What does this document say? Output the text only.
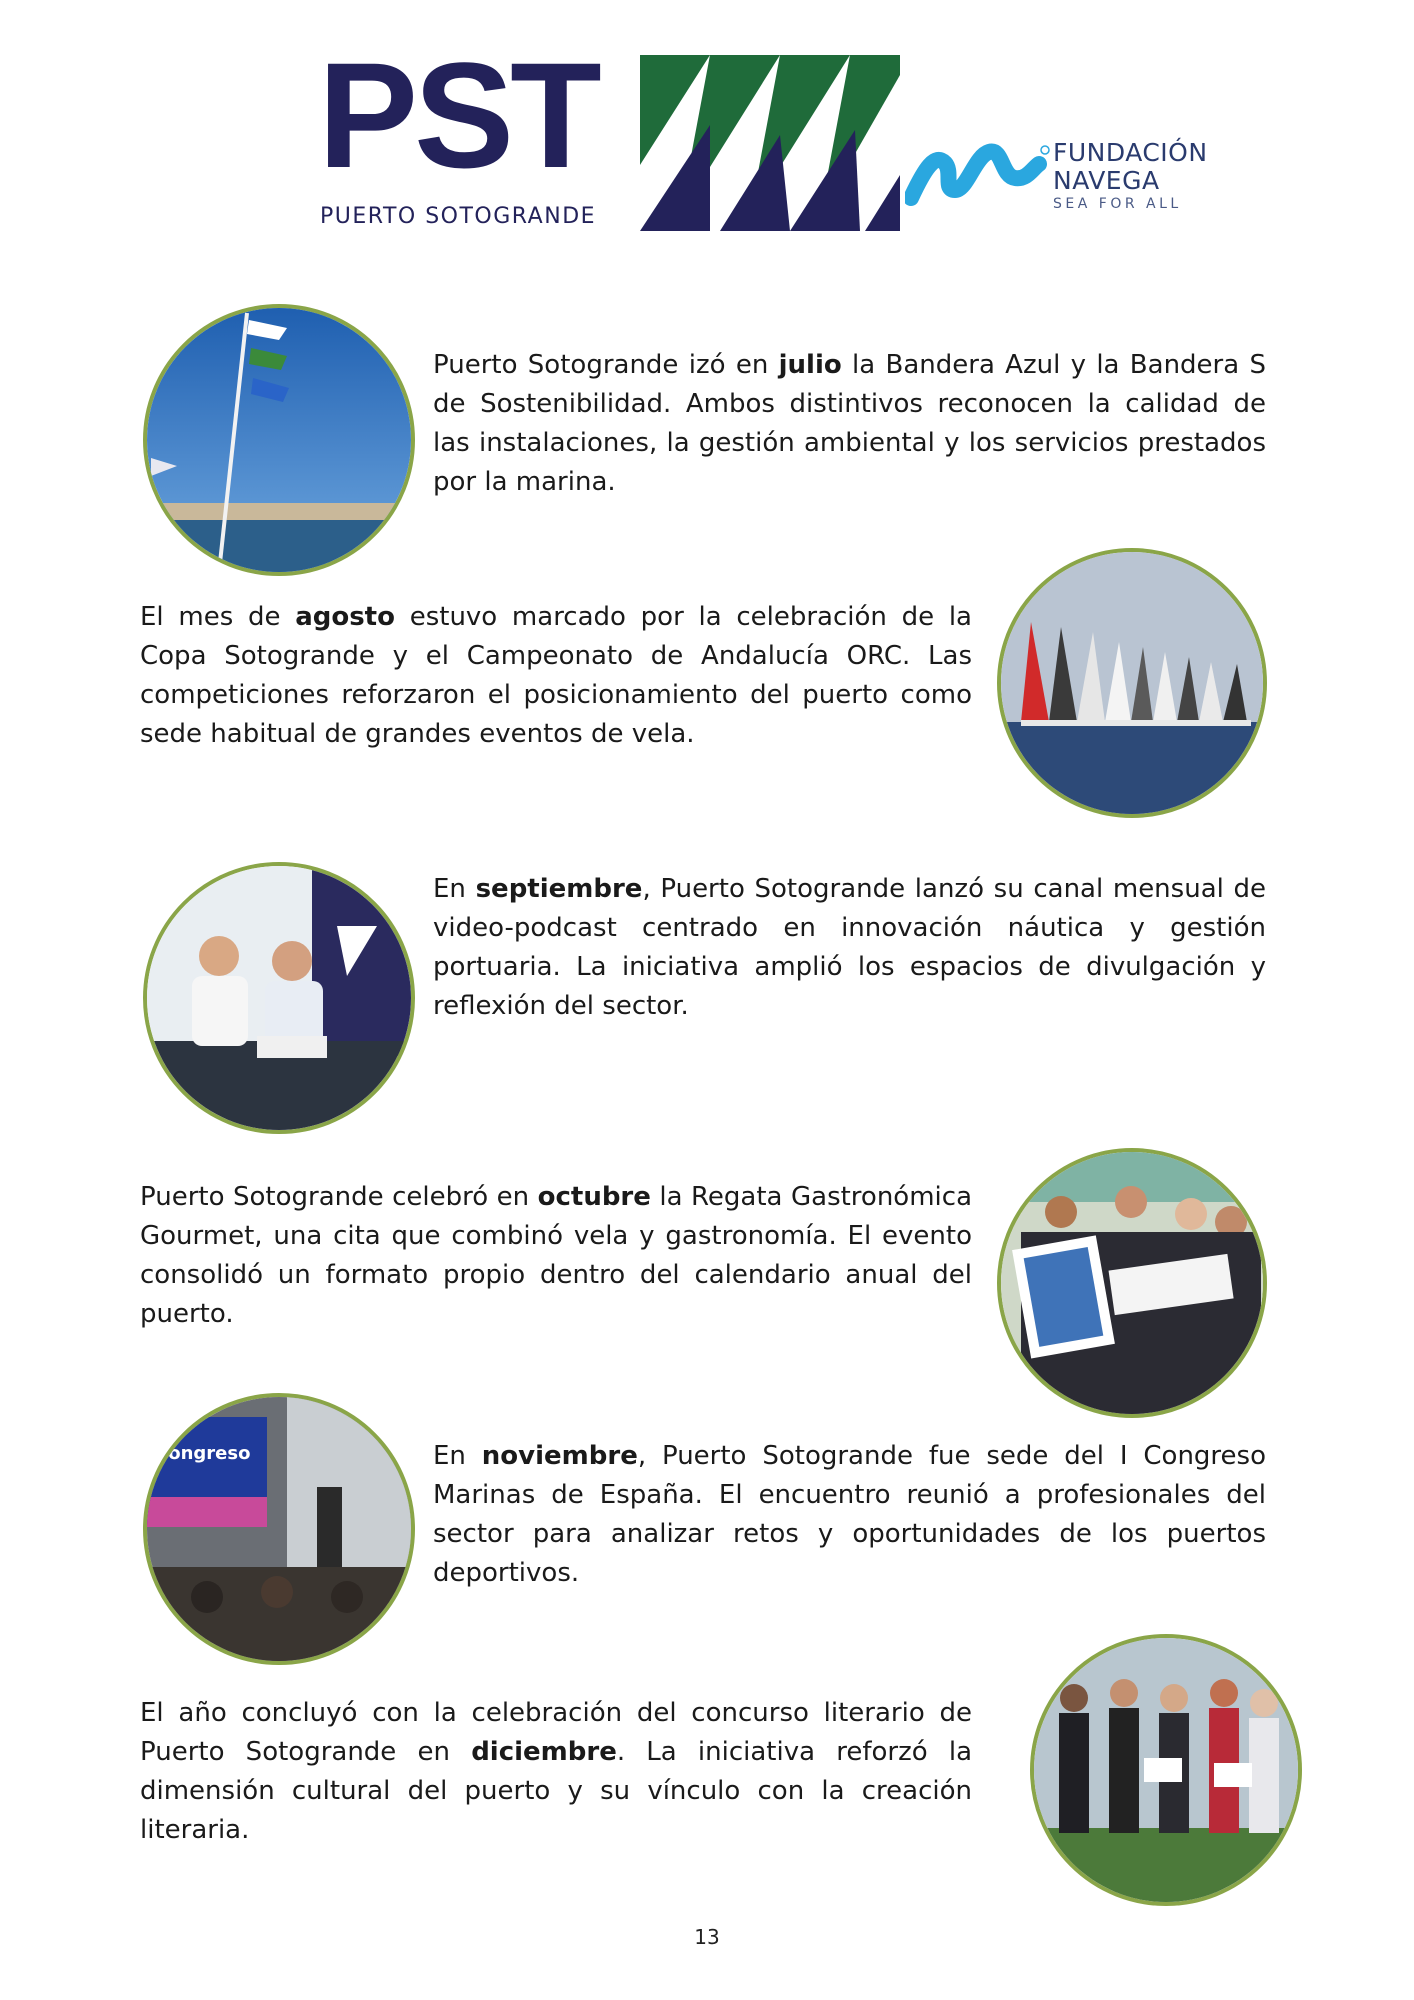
PST
PUERTO SOTOGRANDE
FUNDACIÓN
NAVEGA
SEA FOR ALL

Puerto Sotogrande izó en julio la Bandera Azul y la Bandera S de Sostenibilidad. Ambos distintivos reconocen la calidad de las instalaciones, la gestión ambiental y los servicios prestados por la marina.

El mes de agosto estuvo marcado por la celebración de la Copa Sotogrande y el Campeonato de Andalucía ORC. Las competiciones reforzaron el posicionamiento del puerto como sede habitual de grandes eventos de vela.

En septiembre, Puerto Sotogrande lanzó su canal mensual de video-podcast centrado en innovación náutica y gestión portuaria. La iniciativa amplió los espacios de divulgación y reflexión del sector.

Puerto Sotogrande celebró en octubre la Regata Gastronómica Gourmet, una cita que combinó vela y gastronomía. El evento consolidó un formato propio dentro del calendario anual del puerto.

Congreso	En noviembre, Puerto Sotogrande fue sede del I Congreso Marinas de España. El encuentro reunió a profesionales del sector para analizar retos y oportunidades de los puertos deportivos.

El año concluyó con la celebración del concurso literario de Puerto Sotogrande en diciembre. La iniciativa reforzó la dimensión cultural del puerto y su vínculo con la creación literaria.

13
